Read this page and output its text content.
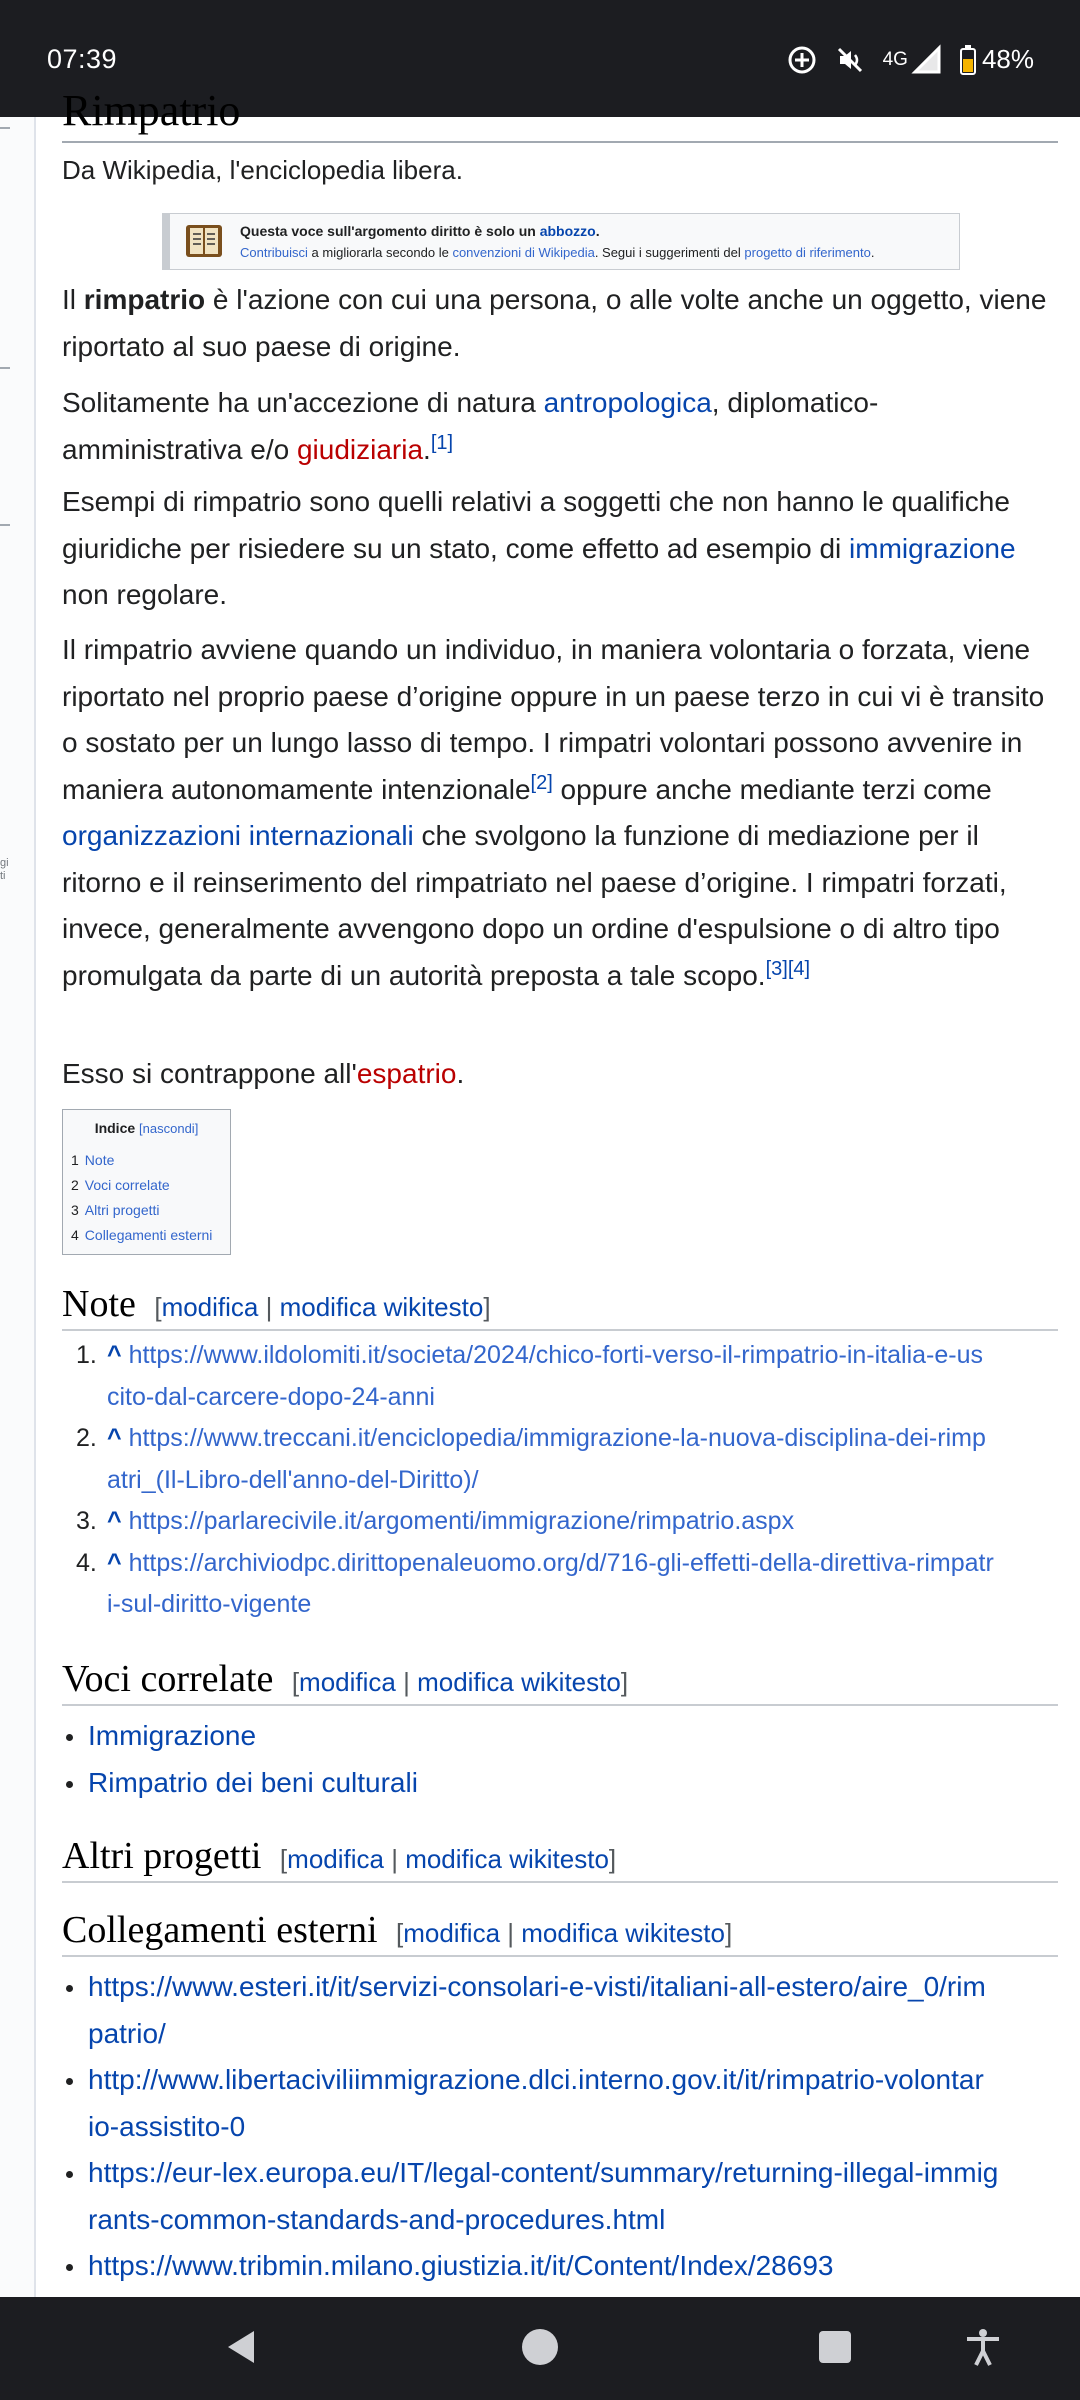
07:39	4G	48%
gi ti
Rimpatrio
Da Wikipedia, l'enciclopedia libera.
Questa voce sull'argomento diritto è solo un abbozzo.
Contribuisci a migliorarla secondo le convenzioni di Wikipedia. Segui i suggerimenti del progetto di riferimento.
Il rimpatrio è l'azione con cui una persona, o alle volte anche un oggetto, viene riportato al suo paese di origine.
Solitamente ha un'accezione di natura antropologica, diplomatico-amministrativa e/o giudiziaria.[1]
Esempi di rimpatrio sono quelli relativi a soggetti che non hanno le qualifiche giuridiche per risiedere su un stato, come effetto ad esempio di immigrazione non regolare.
Il rimpatrio avviene quando un individuo, in maniera volontaria o forzata, viene riportato nel proprio paese d’origine oppure in un paese terzo in cui vi è transito o sostato per un lungo lasso di tempo. I rimpatri volontari possono avvenire in maniera autonomamente intenzionale[2] oppure anche mediante terzi come organizzazioni internazionali che svolgono la funzione di mediazione per il ritorno e il reinserimento del rimpatriato nel paese d’origine. I rimpatri forzati, invece, generalmente avvengono dopo un ordine d'espulsione o di altro tipo promulgata da parte di un autorità preposta a tale scopo.[3][4]
Esso si contrappone all'espatrio.
Indice [nascondi]
1 Note
2 Voci correlate
3 Altri progetti
4 Collegamenti esterni
Note [modifica | modifica wikitesto]
1. ^ https://www.ildolomiti.it/societa/2024/chico-forti-verso-il-rimpatrio-in-italia-e-us
cito-dal-carcere-dopo-24-anni
2. ^ https://www.treccani.it/enciclopedia/immigrazione-la-nuova-disciplina-dei-rimp
atri_(Il-Libro-dell'anno-del-Diritto)/
3. ^ https://parlarecivile.it/argomenti/immigrazione/rimpatrio.aspx
4. ^ https://archiviodpc.dirittopenaleuomo.org/d/716-gli-effetti-della-direttiva-rimpatr
i-sul-diritto-vigente
Voci correlate [modifica | modifica wikitesto]
Immigrazione
Rimpatrio dei beni culturali
Altri progetti [modifica | modifica wikitesto]
Collegamenti esterni [modifica | modifica wikitesto]
https://www.esteri.it/it/servizi-consolari-e-visti/italiani-all-estero/aire_0/rim
patrio/
http://www.libertaciviliimmigrazione.dlci.interno.gov.it/it/rimpatrio-volontar
io-assistito-0
https://eur-lex.europa.eu/IT/legal-content/summary/returning-illegal-immig
rants-common-standards-and-procedures.html
https://www.tribmin.milano.giustizia.it/it/Content/Index/28693
